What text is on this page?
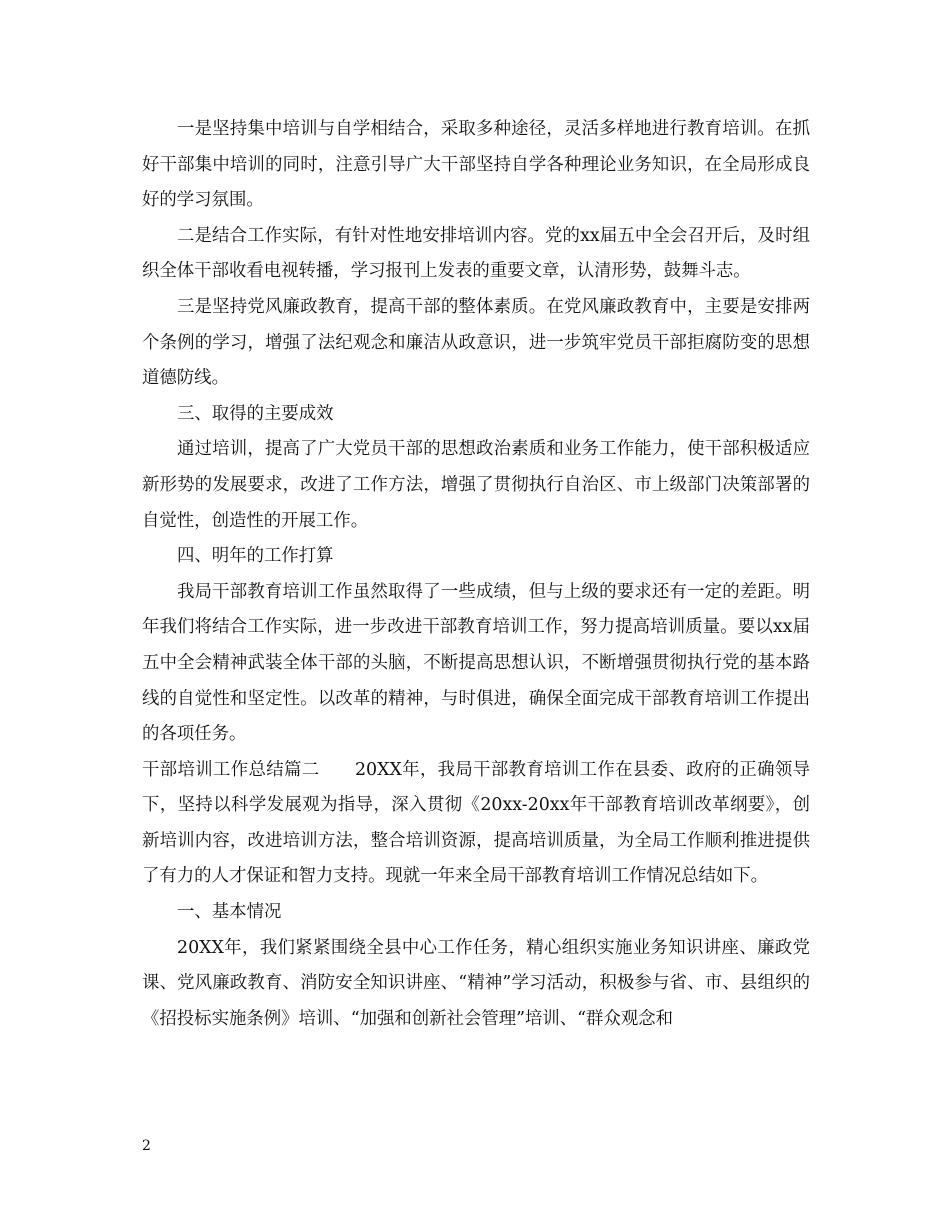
一是坚持集中培训与自学相结合，采取多种途径，灵活多样地进行教育培训。在抓好干部集中培训的同时，注意引导广大干部坚持自学各种理论业务知识，在全局形成良好的学习氛围。

二是结合工作实际，有针对性地安排培训内容。党的xx届五中全会召开后，及时组织全体干部收看电视转播，学习报刊上发表的重要文章，认清形势，鼓舞斗志。

三是坚持党风廉政教育，提高干部的整体素质。在党风廉政教育中，主要是安排两个条例的学习，增强了法纪观念和廉洁从政意识，进一步筑牢党员干部拒腐防变的思想道德防线。

三、取得的主要成效

通过培训，提高了广大党员干部的思想政治素质和业务工作能力，使干部积极适应新形势的发展要求，改进了工作方法，增强了贯彻执行自治区、市上级部门决策部署的自觉性，创造性的开展工作。

四、明年的工作打算

我局干部教育培训工作虽然取得了一些成绩，但与上级的要求还有一定的差距。明年我们将结合工作实际，进一步改进干部教育培训工作，努力提高培训质量。要以xx届五中全会精神武装全体干部的头脑，不断提高思想认识，不断增强贯彻执行党的基本路线的自觉性和坚定性。以改革的精神，与时俱进，确保全面完成干部教育培训工作提出的各项任务。

干部培训工作总结篇二　　20XX年，我局干部教育培训工作在县委、政府的正确领导下，坚持以科学发展观为指导，深入贯彻《20xx-20xx年干部教育培训改革纲要》，创新培训内容，改进培训方法，整合培训资源，提高培训质量，为全局工作顺利推进提供了有力的人才保证和智力支持。现就一年来全局干部教育培训工作情况总结如下。

一、基本情况

20XX年，我们紧紧围绕全县中心工作任务，精心组织实施业务知识讲座、廉政党课、党风廉政教育、消防安全知识讲座、“精神”学习活动，积极参与省、市、县组织的《招投标实施条例》培训、“加强和创新社会管理”培训、“群众观念和

2
